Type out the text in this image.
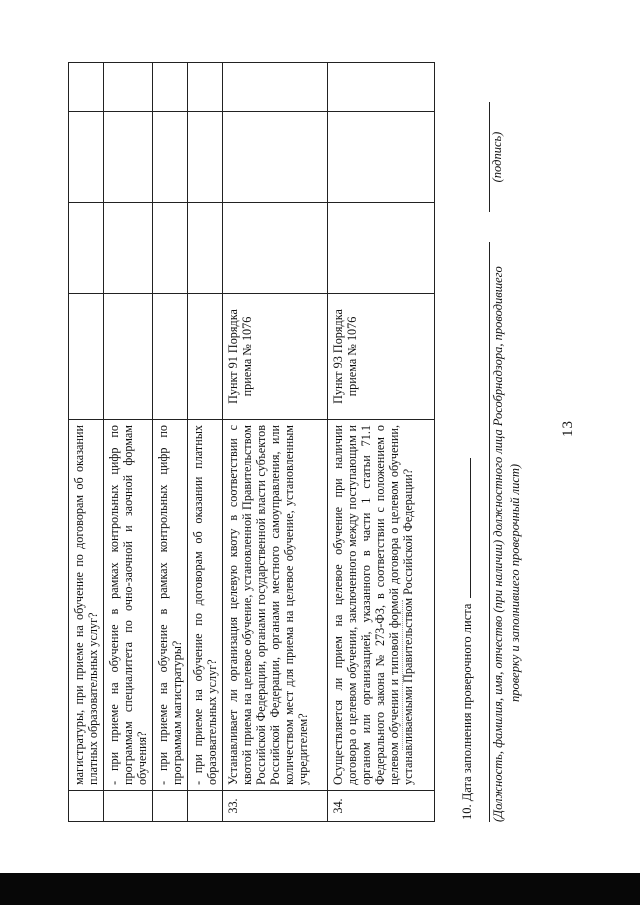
13
	магистратуры, при приеме на обучение по договорам об оказании платных образовательных услуг?				
	- при приеме на обучение в рамках контрольных цифр по программам специалитета по очно-заочной и заочной формам обучения?				
	- при приеме на обучение в рамках контрольных цифр по программам магистратуры?				
	- при приеме на обучение по договорам об оказании платных образовательных услуг?				
33.	Устанавливает ли организация целевую квоту в соответствии с квотой приема на целевое обучение, установленной Правительством Российской Федерации, органами государственной власти субъектов Российской Федерации, органами местного самоуправления, или количеством мест для приема на целевое обучение, установленным учредителем?	Пункт 91 Порядка приема № 1076			
34.	Осуществляется ли прием на целевое обучение при наличии договора о целевом обучении, заключенного между поступающим и органом или организацией, указанного в части 1 статьи 71.1 Федерального закона № 273-ФЗ, в соответствии с положением о целевом обучении и типовой формой договора о целевом обучении, устанавливаемыми Правительством Российской Федерации?	Пункт 93 Порядка приема № 1076			
10. Дата заполнения проверочного листа (Должность, фамилия, имя, отчество (при наличии) должностного лица Рособрнадзора, проводившего
(подпись)
проверку и заполнившего проверочный лист)
